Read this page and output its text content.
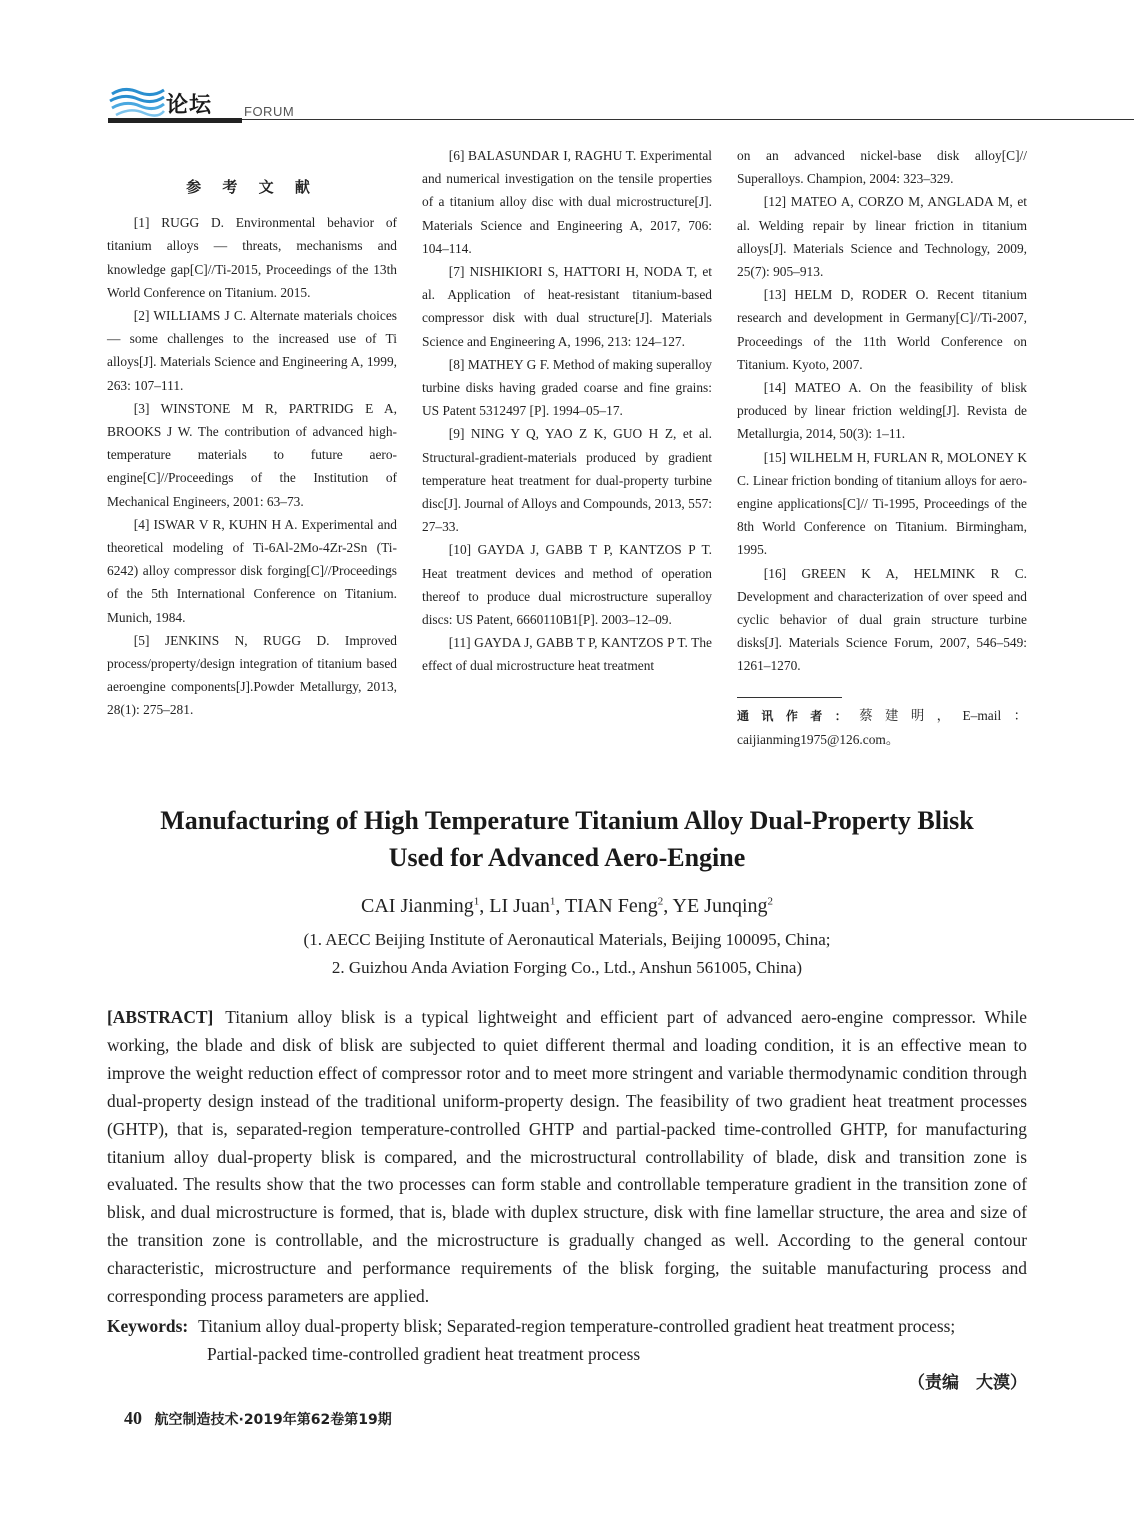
论坛 FORUM
参 考 文 献

[1] RUGG D. Environmental behavior of titanium alloys — threats, mechanisms and knowledge gap[C]//Ti-2015, Proceedings of the 13th World Conference on Titanium. 2015.

[2] WILLIAMS J C. Alternate materials choices — some challenges to the increased use of Ti alloys[J]. Materials Science and Engineering A, 1999, 263: 107–111.

[3] WINSTONE M R, PARTRIDG E A, BROOKS J W. The contribution of advanced high-temperature materials to future aero-engine[C]//Proceedings of the Institution of Mechanical Engineers, 2001: 63–73.

[4] ISWAR V R, KUHN H A. Experimental and theoretical modeling of Ti-6Al-2Mo-4Zr-2Sn (Ti-6242) alloy compressor disk forging[C]//Proceedings of the 5th International Conference on Titanium. Munich, 1984.

[5] JENKINS N, RUGG D. Improved process/property/design integration of titanium based aeroengine components[J].Powder Metallurgy, 2013, 28(1): 275–281.

[6] BALASUNDAR I, RAGHU T. Experimental and numerical investigation on the tensile properties of a titanium alloy disc with dual microstructure[J]. Materials Science and Engineering A, 2017, 706: 104–114.

[7] NISHIKIORI S, HATTORI H, NODA T, et al. Application of heat-resistant titanium-based compressor disk with dual structure[J]. Materials Science and Engineering A, 1996, 213: 124–127.

[8] MATHEY G F. Method of making superalloy turbine disks having graded coarse and fine grains: US Patent 5312497 [P]. 1994–05–17.

[9] NING Y Q, YAO Z K, GUO H Z, et al. Structural-gradient-materials produced by gradient temperature heat treatment for dual-property turbine disc[J]. Journal of Alloys and Compounds, 2013, 557: 27–33.

[10] GAYDA J, GABB T P, KANTZOS P T. Heat treatment devices and method of operation thereof to produce dual microstructure superalloy discs: US Patent, 6660110B1[P]. 2003–12–09.

[11] GAYDA J, GABB T P, KANTZOS P T. The effect of dual microstructure heat treatment

on an advanced nickel-base disk alloy[C]// Superalloys. Champion, 2004: 323–329.

[12] MATEO A, CORZO M, ANGLADA M, et al. Welding repair by linear friction in titanium alloys[J]. Materials Science and Technology, 2009, 25(7): 905–913.

[13] HELM D, RODER O. Recent titanium research and development in Germany[C]//Ti-2007, Proceedings of the 11th World Conference on Titanium. Kyoto, 2007.

[14] MATEO A. On the feasibility of blisk produced by linear friction welding[J]. Revista de Metallurgia, 2014, 50(3): 1–11.

[15] WILHELM H, FURLAN R, MOLONEY K C. Linear friction bonding of titanium alloys for aero-engine applications[C]// Ti-1995, Proceedings of the 8th World Conference on Titanium. Birmingham, 1995.

[16] GREEN K A, HELMINK R C. Development and characterization of over speed and cyclic behavior of dual grain structure turbine disks[J]. Materials Science Forum, 2007, 546–549: 1261–1270.

通讯作者：蔡建明，E–mail：caijianming1975@126.com。

Manufacturing of High Temperature Titanium Alloy Dual-Property Blisk
Used for Advanced Aero-Engine
CAI Jianming$^1$, LI Juan$^1$, TIAN Feng$^2$, YE Junqing$^2$
(1. AECC Beijing Institute of Aeronautical Materials, Beijing 100095, China;
2. Guizhou Anda Aviation Forging Co., Ltd., Anshun 561005, China)
[ABSTRACT] Titanium alloy blisk is a typical lightweight and efficient part of advanced aero-engine compressor. While working, the blade and disk of blisk are subjected to quiet different thermal and loading condition, it is an effective mean to improve the weight reduction effect of compressor rotor and to meet more stringent and variable thermodynamic condition through dual-property design instead of the traditional uniform-property design. The feasibility of two gradient heat treatment processes (GHTP), that is, separated-region temperature-controlled GHTP and partial-packed time-controlled GHTP, for manufacturing titanium alloy dual-property blisk is compared, and the microstructural controllability of blade, disk and transition zone is evaluated. The results show that the two processes can form stable and controllable temperature gradient in the transition zone of blisk, and dual microstructure is formed, that is, blade with duplex structure, disk with fine lamellar structure, the area and size of the transition zone is controllable, and the microstructure is gradually changed as well. According to the general contour characteristic, microstructure and performance requirements of the blisk forging, the suitable manufacturing process and corresponding process parameters are applied.
Keywords: Titanium alloy dual-property blisk; Separated-region temperature-controlled gradient heat treatment process;
Partial-packed time-controlled gradient heat treatment process
（责编　大漠）
40 航空制造技术·2019年第62卷第19期
